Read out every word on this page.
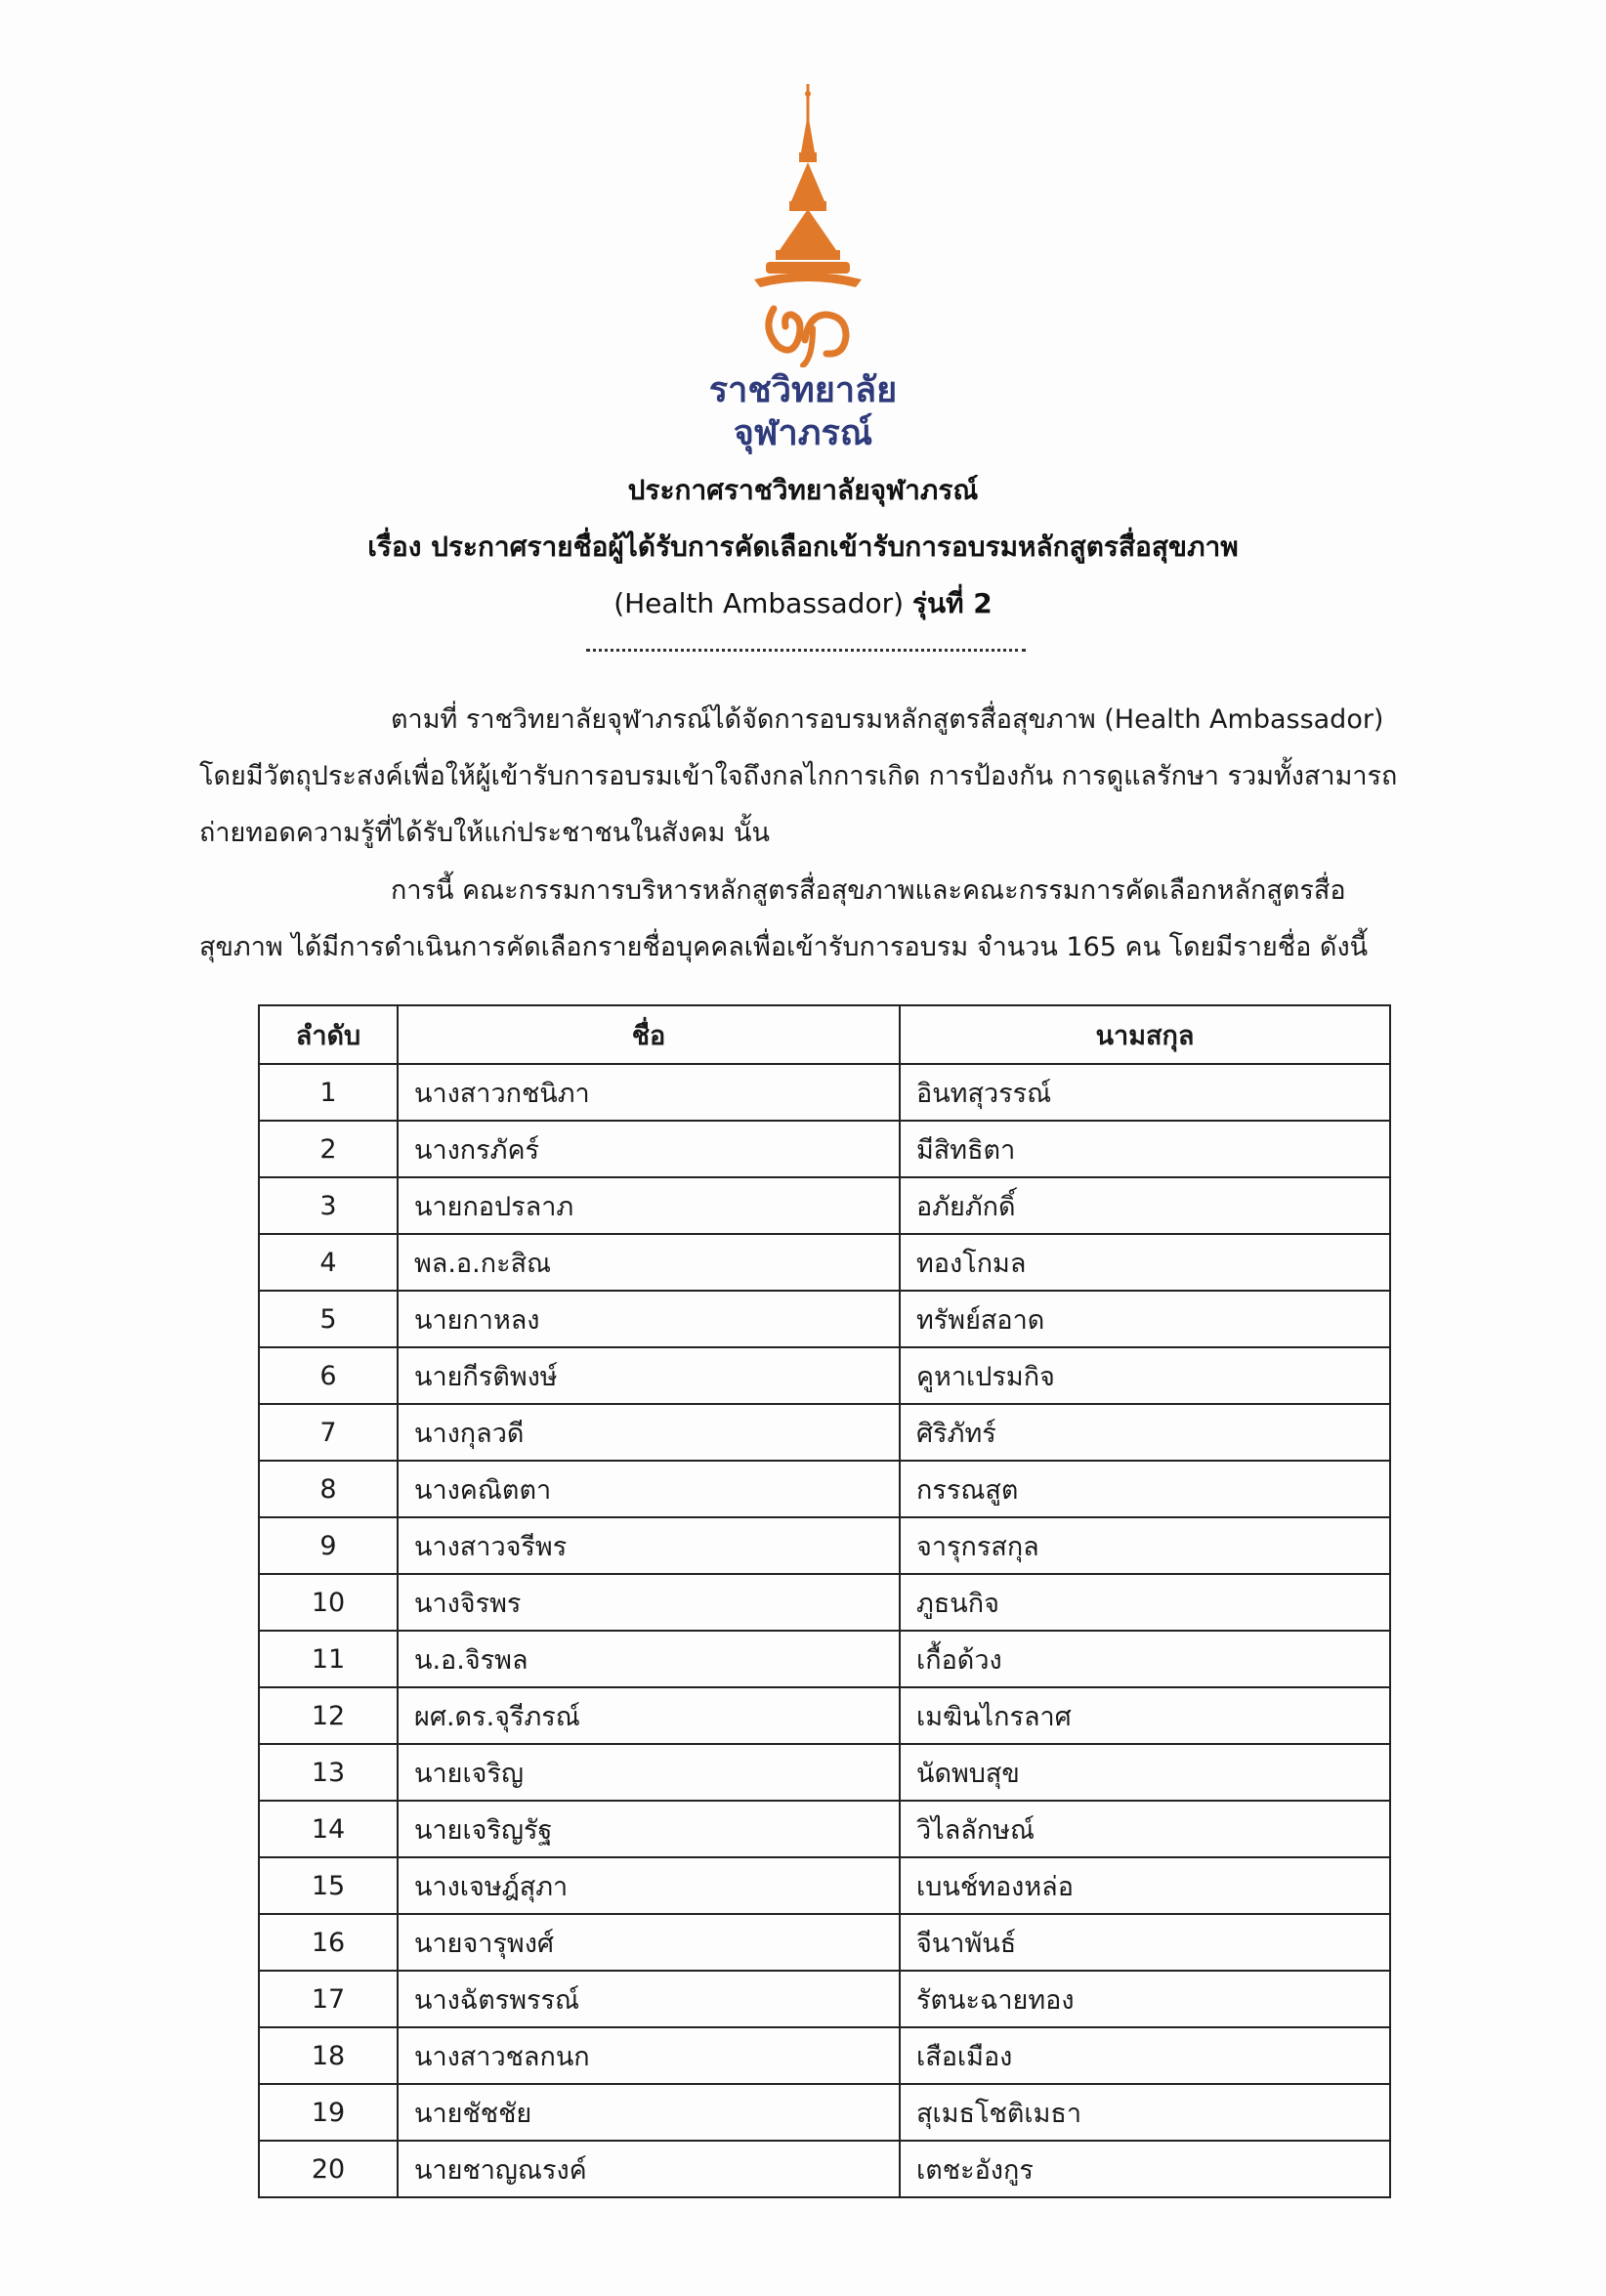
ราชวิทยาลัย
จุฬาภรณ์
ประกาศราชวิทยาลัยจุฬาภรณ์
เรื่อง ประกาศรายชื่อผู้ได้รับการคัดเลือกเข้ารับการอบรมหลักสูตรสื่อสุขภาพ
(Health Ambassador) รุ่นที่ 2
ตามที่ ราชวิทยาลัยจุฬาภรณ์ได้จัดการอบรมหลักสูตรสื่อสุขภาพ (Health Ambassador)
โดยมีวัตถุประสงค์เพื่อให้ผู้เข้ารับการอบรมเข้าใจถึงกลไกการเกิด การป้องกัน การดูแลรักษา รวมทั้งสามารถ
ถ่ายทอดความรู้ที่ได้รับให้แก่ประชาชนในสังคม นั้น
การนี้ คณะกรรมการบริหารหลักสูตรสื่อสุขภาพและคณะกรรมการคัดเลือกหลักสูตรสื่อ
สุขภาพ ได้มีการดำเนินการคัดเลือกรายชื่อบุคคลเพื่อเข้ารับการอบรม จำนวน 165 คน โดยมีรายชื่อ ดังนี้
ลำดับ	ชื่อ	นามสกุล
1	นางสาวกชนิภา	อินทสุวรรณ์
2	นางกรภัคร์	มีสิทธิตา
3	นายกอปรลาภ	อภัยภักดิ์
4	พล.อ.กะสิณ	ทองโกมล
5	นายกาหลง	ทรัพย์สอาด
6	นายกีรติพงษ์	คูหาเปรมกิจ
7	นางกุลวดี	ศิริภัทร์
8	นางคณิตตา	กรรณสูต
9	นางสาวจรีพร	จารุกรสกุล
10	นางจิรพร	ภูธนกิจ
11	น.อ.จิรพล	เกื้อด้วง
12	ผศ.ดร.จุรีภรณ์	เมฆินไกรลาศ
13	นายเจริญ	นัดพบสุข
14	นายเจริญรัฐ	วิไลลักษณ์
15	นางเจษฎ์สุภา	เบนช์ทองหล่อ
16	นายจารุพงศ์	จีนาพันธ์
17	นางฉัตรพรรณ์	รัตนะฉายทอง
18	นางสาวชลกนก	เสือเมือง
19	นายชัชชัย	สุเมธโชติเมธา
20	นายชาญณรงค์	เตชะอังกูร
